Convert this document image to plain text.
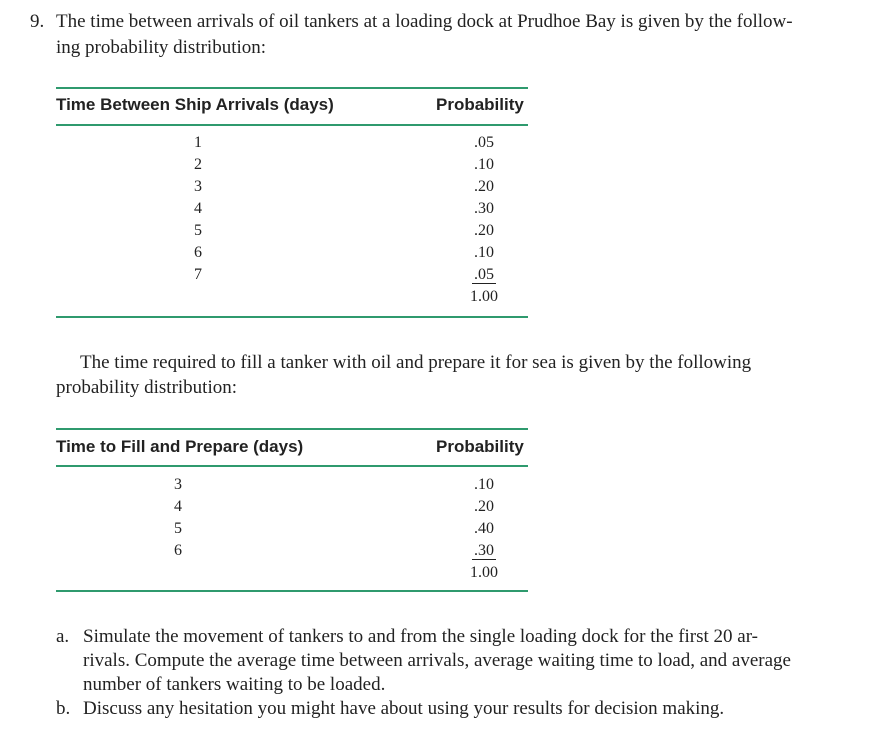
9. The time between arrivals of oil tankers at a loading dock at Prudhoe Bay is given by the follow-
ing probability distribution:
Time Between Ship Arrivals (days)	Probability
1
2
3
4
5
6
7
.05
.10
.20
.30
.20
.10
.05
1.00
The time required to fill a tanker with oil and prepare it for sea is given by the following
probability distribution:
Time to Fill and Prepare (days)	Probability
3
4
5
6
.10
.20
.40
.30
1.00
a. Simulate the movement of tankers to and from the single loading dock for the first 20 ar-
rivals. Compute the average time between arrivals, average waiting time to load, and average
number of tankers waiting to be loaded.
b. Discuss any hesitation you might have about using your results for decision making.
